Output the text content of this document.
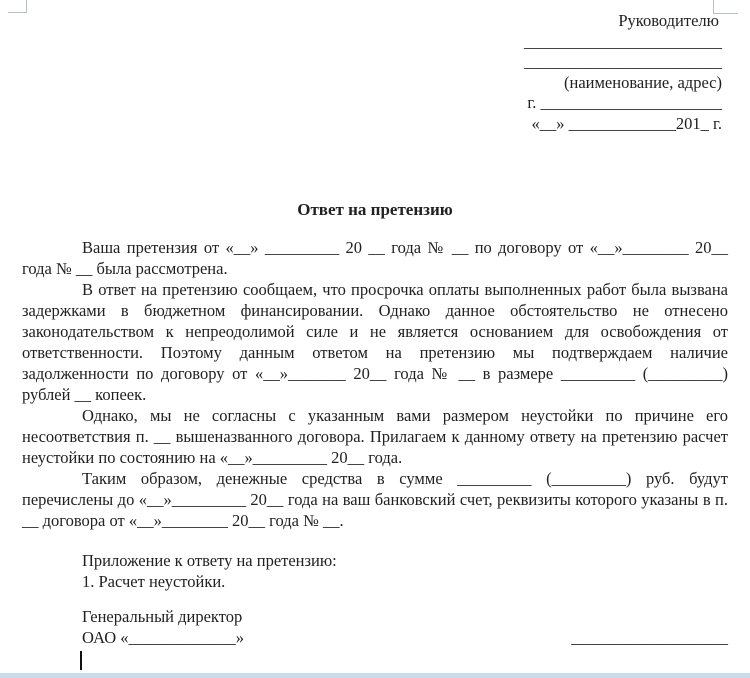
Руководителю
________________________
________________________
(наименование, адрес)
г. ______________________
«__» _____________201_ г.
Ответ на претензию

Ваша претензия от «__» _________ 20 __ года № __ по договору от «__»________ 20__ года № __ была рассмотрена.

В ответ на претензию сообщаем, что просрочка оплаты выполненных работ была вызвана задержками в бюджетном финансировании. Однако данное обстоятельство не отнесено законодательством к непреодолимой силе и не является основанием для освобождения от ответственности. Поэтому данным ответом на претензию мы подтверждаем наличие задолженности по договору от «__»_______ 20__ года № __ в размере _________ (_________) рублей __ копеек.

Однако, мы не согласны с указанным вами размером неустойки по причине его несоответствия п. __ вышеназванного договора. Прилагаем к данному ответу на претензию расчет неустойки по состоянию на «__»_________ 20__ года.

Таким образом, денежные средства в сумме _________ (_________) руб. будут перечислены до «__»_________ 20__ года на ваш банковский счет, реквизиты которого указаны в п. __ договора от «__»________ 20__ года № __.

Приложение к ответу на претензию:
1. Расчет неустойки.
Генеральный директор
ОАО «_____________»	___________________
